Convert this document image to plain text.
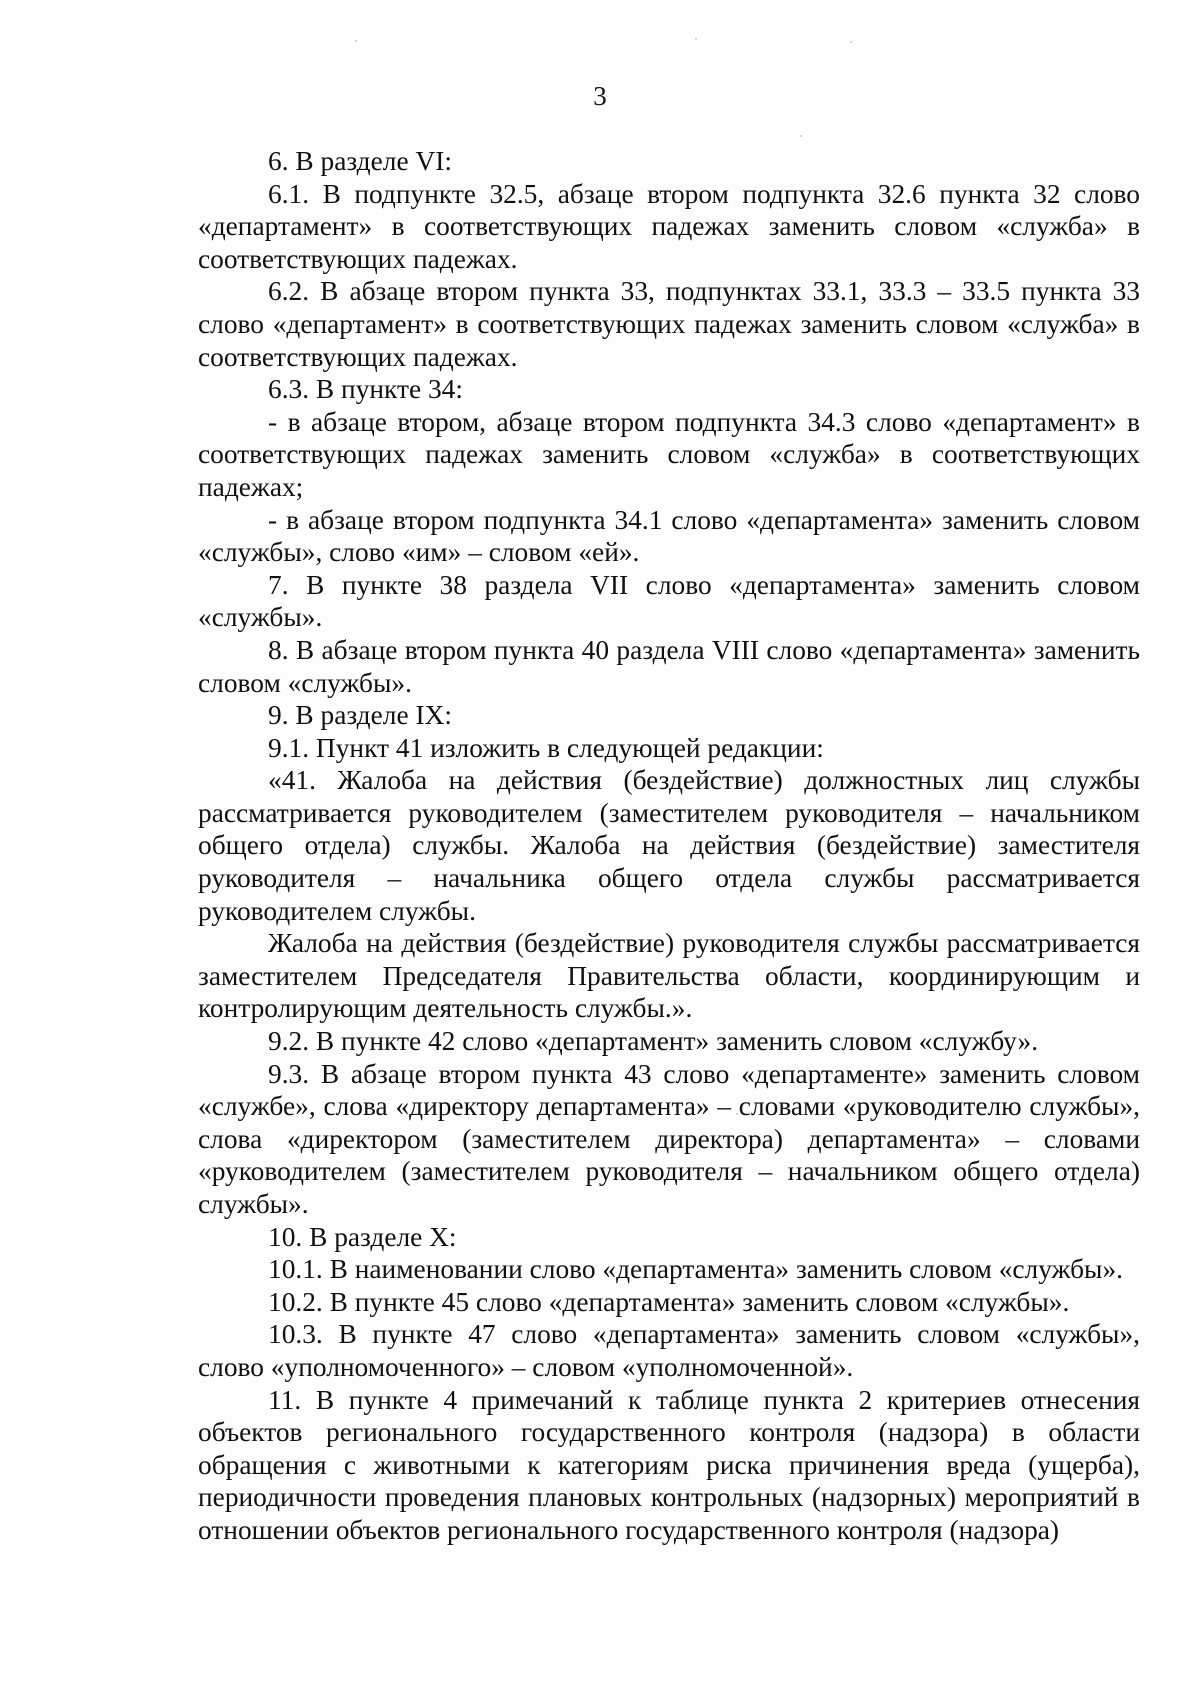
3

6. В разделе VI:

6.1. В подпункте 32.5, абзаце втором подпункта 32.6 пункта 32 слово «департамент» в соответствующих падежах заменить словом «служба» в соответствующих падежах.

6.2. В абзаце втором пункта 33, подпунктах 33.1, 33.3 – 33.5 пункта 33 слово «департамент» в соответствующих падежах заменить словом «служба» в соответствующих падежах.

6.3. В пункте 34:

- в абзаце втором, абзаце втором подпункта 34.3 слово «департамент» в соответствующих падежах заменить словом «служба» в соответствующих падежах;

- в абзаце втором подпункта 34.1 слово «департамента» заменить словом «службы», слово «им» – словом «ей».

7. В пункте 38 раздела VII слово «департамента» заменить словом «службы».

8. В абзаце втором пункта 40 раздела VIII слово «департамента» заменить словом «службы».

9. В разделе IX:

9.1. Пункт 41 изложить в следующей редакции:

«41. Жалоба на действия (бездействие) должностных лиц службы рассматривается руководителем (заместителем руководителя – начальником общего отдела) службы. Жалоба на действия (бездействие) заместителя руководителя – начальника общего отдела службы рассматривается руководителем службы.

Жалоба на действия (бездействие) руководителя службы рассматривается заместителем Председателя Правительства области, координирующим и контролирующим деятельность службы.».

9.2. В пункте 42 слово «департамент» заменить словом «службу».

9.3. В абзаце втором пункта 43 слово «департаменте» заменить словом «службе», слова «директору департамента» – словами «руководителю службы», слова «директором (заместителем директора) департамента» – словами «руководителем (заместителем руководителя – начальником общего отдела) службы».

10. В разделе X:

10.1. В наименовании слово «департамента» заменить словом «службы».

10.2. В пункте 45 слово «департамента» заменить словом «службы».

10.3. В пункте 47 слово «департамента» заменить словом «службы», слово «уполномоченного» – словом «уполномоченной».

11. В пункте 4 примечаний к таблице пункта 2 критериев отнесения объектов регионального государственного контроля (надзора) в области обращения с животными к категориям риска причинения вреда (ущерба), периодичности проведения плановых контрольных (надзорных) мероприятий в отношении объектов регионального государственного контроля (надзора)
